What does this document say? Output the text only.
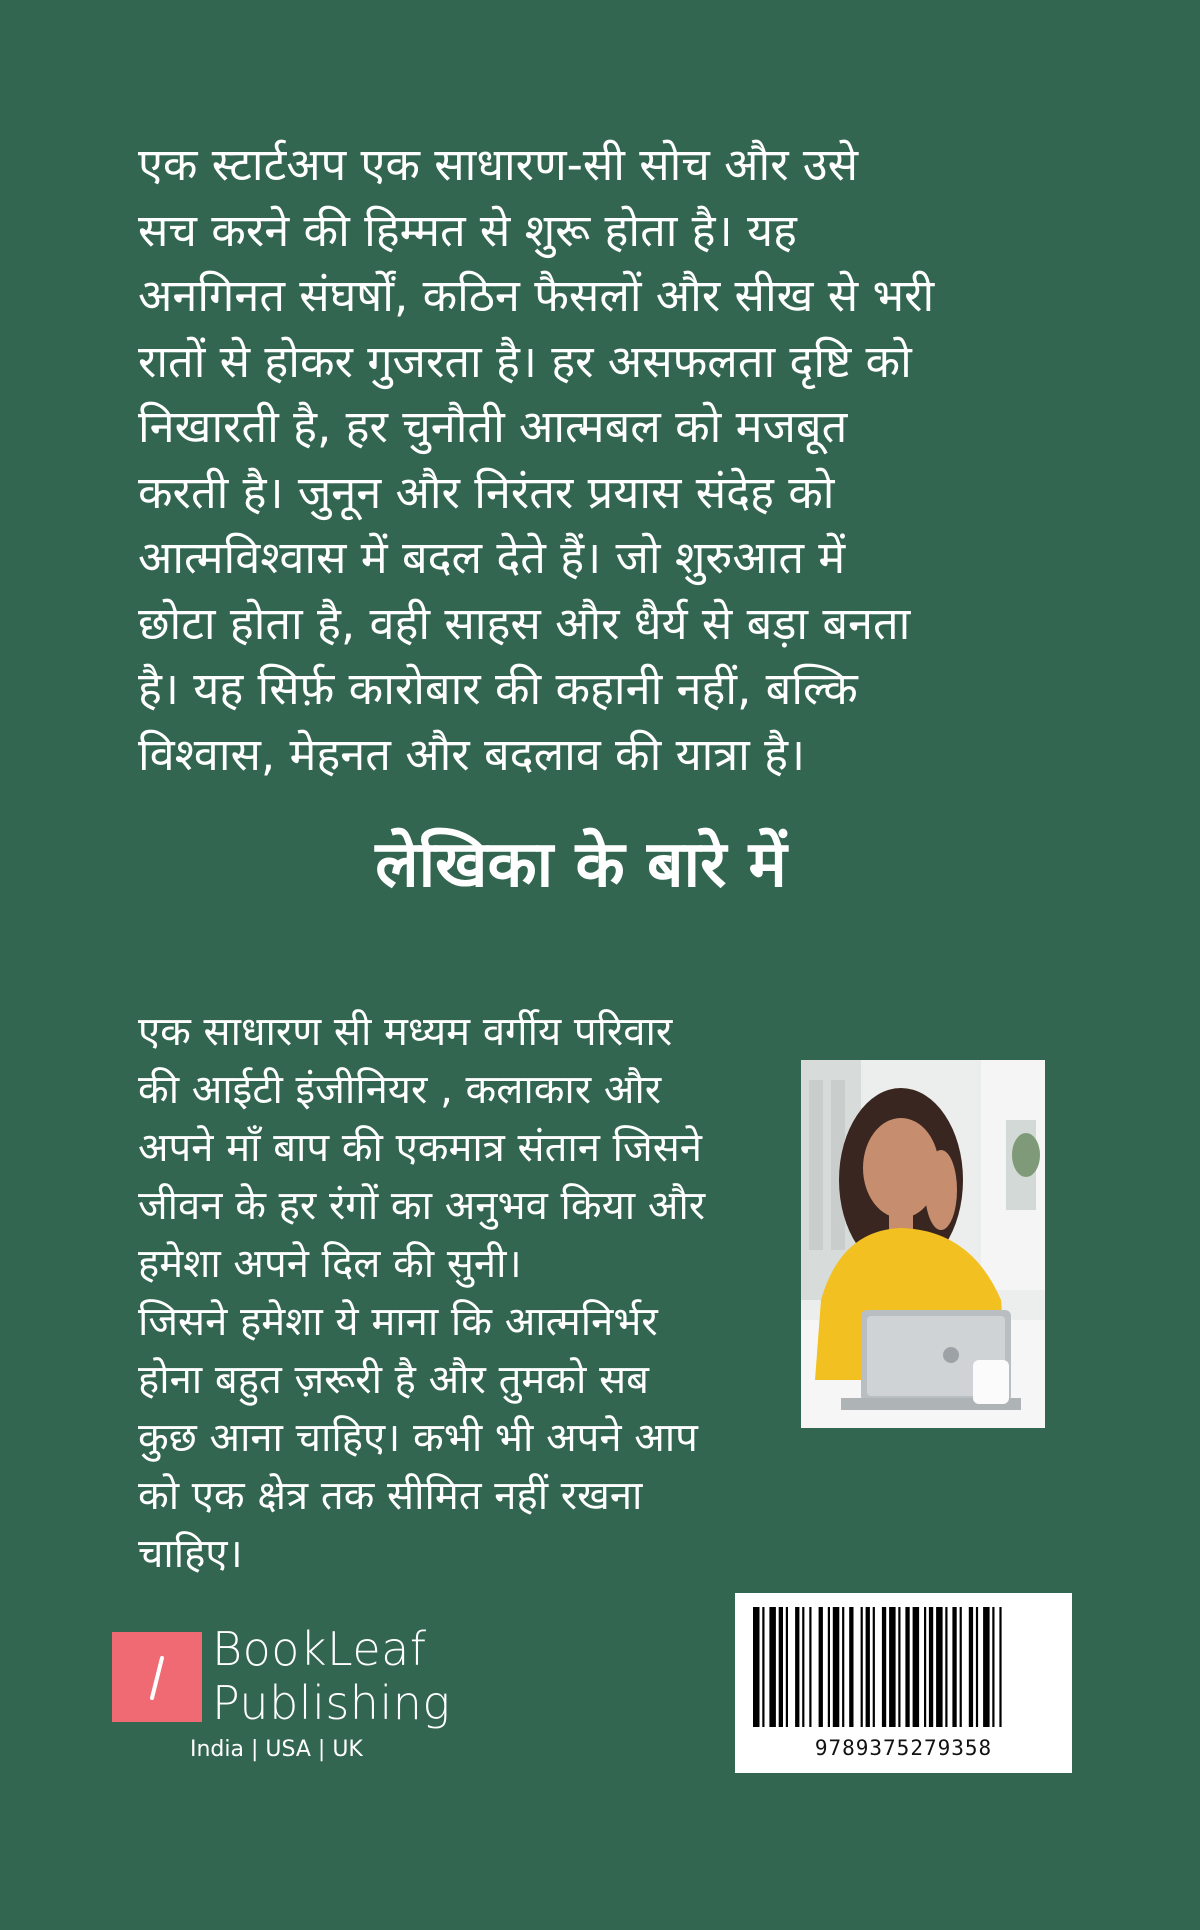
एक स्टार्टअप एक साधारण-सी सोच और उसे
सच करने की हिम्मत से शुरू होता है। यह
अनगिनत संघर्षों, कठिन फैसलों और सीख से भरी
रातों से होकर गुजरता है। हर असफलता दृष्टि को
निखारती है, हर चुनौती आत्मबल को मजबूत
करती है। जुनून और निरंतर प्रयास संदेह को
आत्मविश्वास में बदल देते हैं। जो शुरुआत में
छोटा होता है, वही साहस और धैर्य से बड़ा बनता
है। यह सिर्फ़ कारोबार की कहानी नहीं, बल्कि
विश्वास, मेहनत और बदलाव की यात्रा है।
लेखिका के बारे में
एक साधारण सी मध्यम वर्गीय परिवार
की आईटी इंजीनियर , कलाकार और
अपने माँ बाप की एकमात्र संतान जिसने
जीवन के हर रंगों का अनुभव किया और
हमेशा अपने दिल की सुनी।
जिसने हमेशा ये माना कि आत्मनिर्भर
होना बहुत ज़रूरी है और तुमको सब
कुछ आना चाहिए। कभी भी अपने आप
को एक क्षेत्र तक सीमित नहीं रखना
चाहिए।
BookLeaf
Publishing
India | USA | UK	9789375279358
